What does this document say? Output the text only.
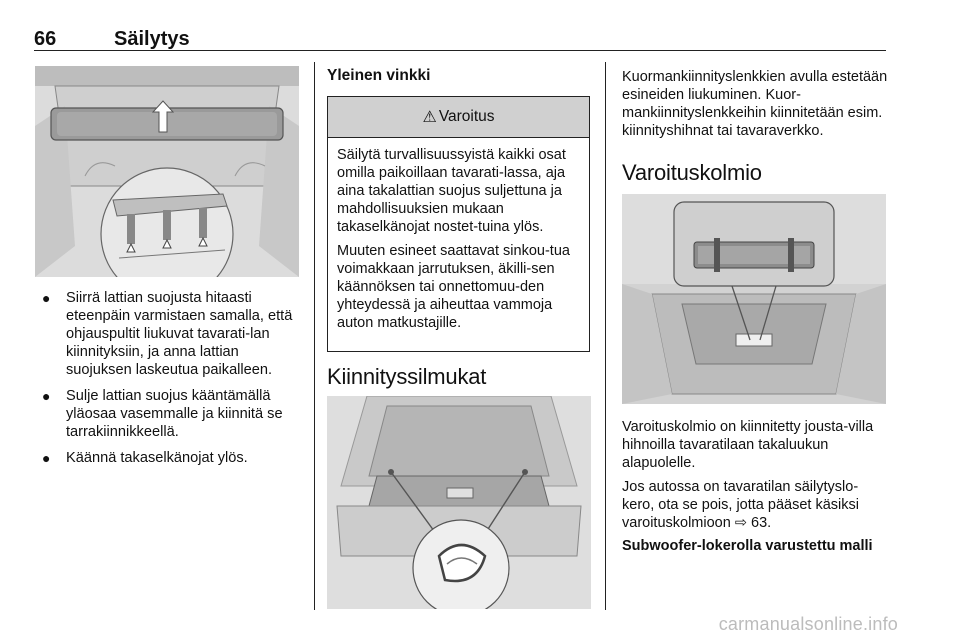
66	Säilytys
● Siirrä lattian suojusta hitaasti eteenpäin varmistaen samalla, että ohjauspultit liukuvat tavarati-lan kiinnityksiin, ja anna lattian suojuksen laskeutua paikalleen.
● Sulje lattian suojus kääntämällä yläosaa vasemmalle ja kiinnitä se tarrakiinnikkeellä.
● Käännä takaselkänojat ylös.
Yleinen vinkki
⚠ Varoitus

Säilytä turvallisuussyistä kaikki osat omilla paikoillaan tavarati-lassa, aja aina takalattian suojus suljettuna ja mahdollisuuksien mukaan takaselkänojat nostet-tuina ylös.

Muuten esineet saattavat sinkou-tua voimakkaan jarrutuksen, äkilli-sen käännöksen tai onnettomuu-den yhteydessä ja aiheuttaa vammoja auton matkustajille.

Kiinnityssilmukat

Kuormankiinnityslenkkien avulla estetään esineiden liukuminen. Kuor-mankiinnityslenkkeihin kiinnitetään esim. kiinnityshihnat tai tavaraverkko.

Varoituskolmio

Varoituskolmio on kiinnitetty jousta-villa hihnoilla tavaratilaan takaluukun alapuolelle.

Jos autossa on tavaratilan säilytyslo-kero, ota se pois, jotta pääset käsiksi varoituskolmioon ⇨ 63.

Subwoofer-lokerolla varustettu malli
carmanualsonline.info
